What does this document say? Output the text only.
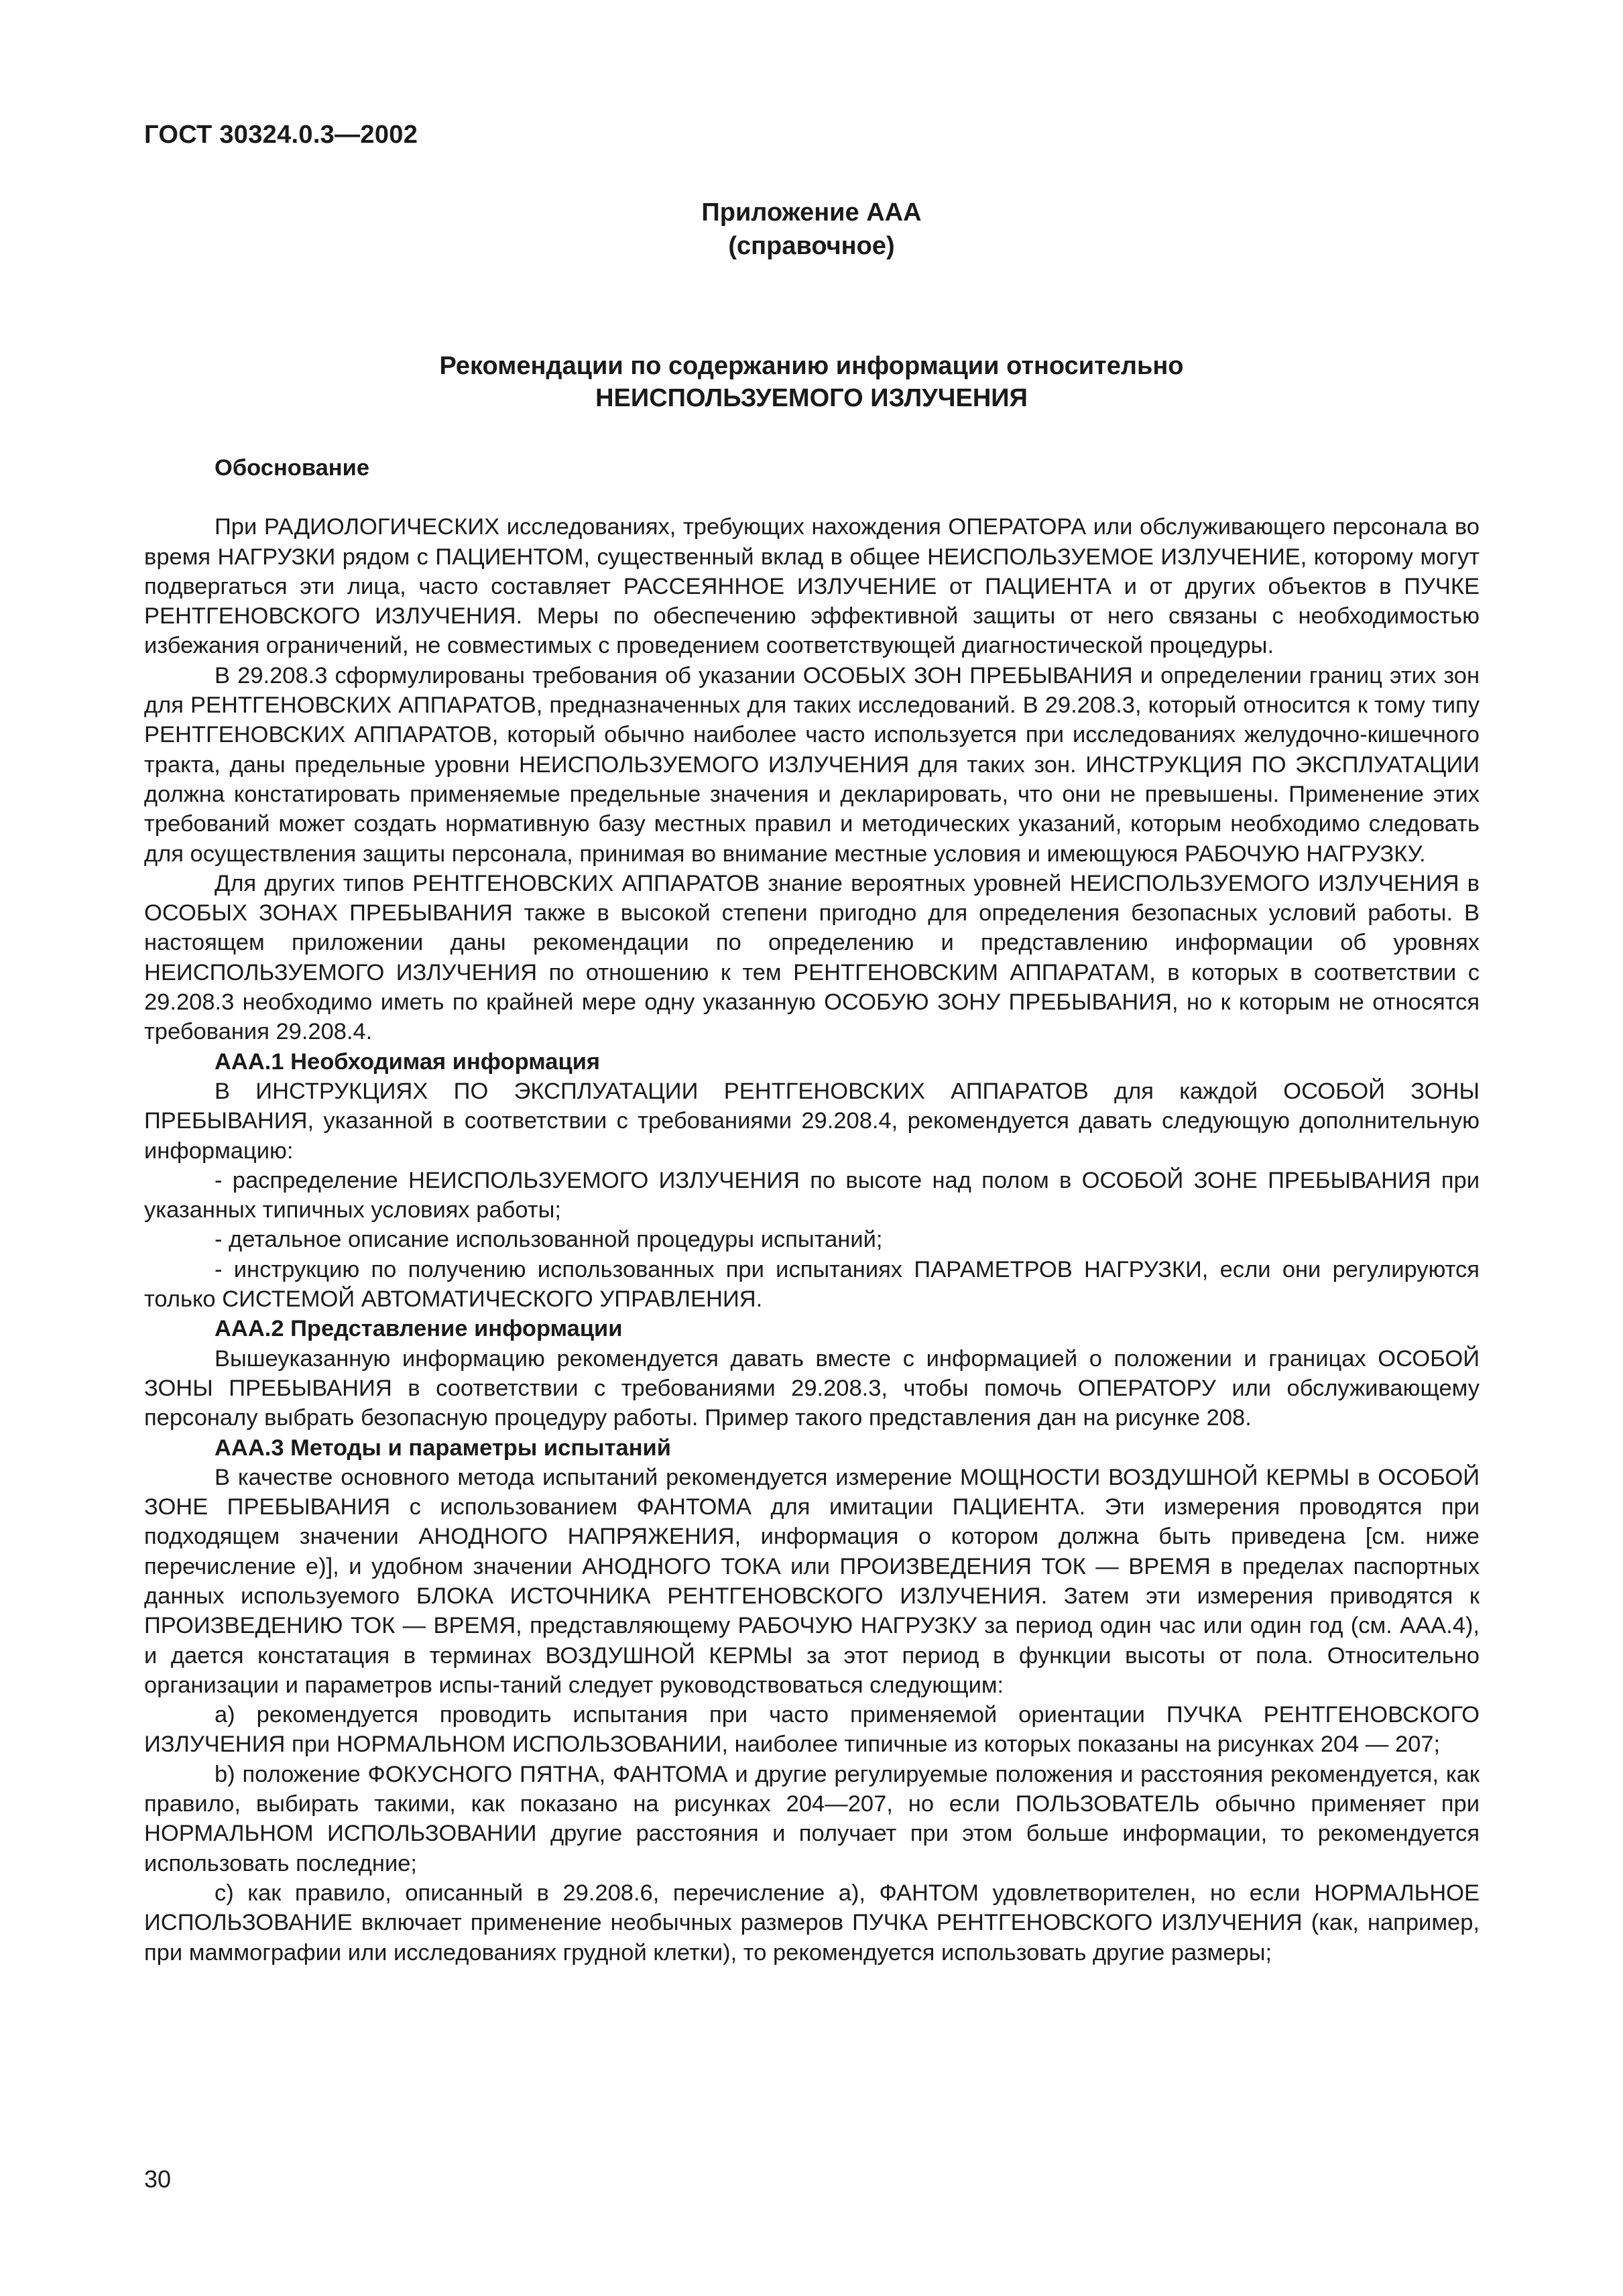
ГОСТ 30324.0.3—2002
Приложение ААА
(справочное)
Рекомендации по содержанию информации относительно
НЕИСПОЛЬЗУЕМОГО ИЗЛУЧЕНИЯ

Обоснование

При РАДИОЛОГИЧЕСКИХ исследованиях, требующих нахождения ОПЕРАТОРА или обслуживающего персонала во время НАГРУЗКИ рядом с ПАЦИЕНТОМ, существенный вклад в общее НЕИСПОЛЬЗУЕМОЕ ИЗЛУЧЕНИЕ, которому могут подвергаться эти лица, часто составляет РАССЕЯННОЕ ИЗЛУЧЕНИЕ от ПАЦИЕНТА и от других объектов в ПУЧКЕ РЕНТГЕНОВСКОГО ИЗЛУЧЕНИЯ. Меры по обеспечению эффективной защиты от него связаны с необходимостью избежания ограничений, не совместимых с проведением соответствующей диагностической процедуры.

В 29.208.3 сформулированы требования об указании ОСОБЫХ ЗОН ПРЕБЫВАНИЯ и определении границ этих зон для РЕНТГЕНОВСКИХ АППАРАТОВ, предназначенных для таких исследований. В 29.208.3, который относится к тому типу РЕНТГЕНОВСКИХ АППАРАТОВ, который обычно наиболее часто используется при исследованиях желудочно-кишечного тракта, даны предельные уровни НЕИСПОЛЬЗУЕМОГО ИЗЛУЧЕНИЯ для таких зон. ИНСТРУКЦИЯ ПО ЭКСПЛУАТАЦИИ должна констатировать применяемые предельные значения и декларировать, что они не превышены. Применение этих требований может создать нормативную базу местных правил и методических указаний, которым необходимо следовать для осуществления защиты персонала, принимая во внимание местные условия и имеющуюся РАБОЧУЮ НАГРУЗКУ.

Для других типов РЕНТГЕНОВСКИХ АППАРАТОВ знание вероятных уровней НЕИСПОЛЬЗУЕМОГО ИЗЛУЧЕНИЯ в ОСОБЫХ ЗОНАХ ПРЕБЫВАНИЯ также в высокой степени пригодно для определения безопасных условий работы. В настоящем приложении даны рекомендации по определению и представлению информации об уровнях НЕИСПОЛЬЗУЕМОГО ИЗЛУЧЕНИЯ по отношению к тем РЕНТГЕНОВСКИМ АППАРАТАМ, в которых в соответствии с 29.208.3 необходимо иметь по крайней мере одну указанную ОСОБУЮ ЗОНУ ПРЕБЫВАНИЯ, но к которым не относятся требования 29.208.4.

ААА.1 Необходимая информация

В ИНСТРУКЦИЯХ ПО ЭКСПЛУАТАЦИИ РЕНТГЕНОВСКИХ АППАРАТОВ для каждой ОСОБОЙ ЗОНЫ ПРЕБЫВАНИЯ, указанной в соответствии с требованиями 29.208.4, рекомендуется давать следующую дополнительную информацию:

- распределение НЕИСПОЛЬЗУЕМОГО ИЗЛУЧЕНИЯ по высоте над полом в ОСОБОЙ ЗОНЕ ПРЕБЫВАНИЯ при указанных типичных условиях работы;

- детальное описание использованной процедуры испытаний;

- инструкцию по получению использованных при испытаниях ПАРАМЕТРОВ НАГРУЗКИ, если они регулируются только СИСТЕМОЙ АВТОМАТИЧЕСКОГО УПРАВЛЕНИЯ.

ААА.2 Представление информации

Вышеуказанную информацию рекомендуется давать вместе с информацией о положении и границах ОСОБОЙ ЗОНЫ ПРЕБЫВАНИЯ в соответствии с требованиями 29.208.3, чтобы помочь ОПЕРАТОРУ или обслуживающему персоналу выбрать безопасную процедуру работы. Пример такого представления дан на рисунке 208.

ААА.3 Методы и параметры испытаний

В качестве основного метода испытаний рекомендуется измерение МОЩНОСТИ ВОЗДУШНОЙ КЕРМЫ в ОСОБОЙ ЗОНЕ ПРЕБЫВАНИЯ с использованием ФАНТОМА для имитации ПАЦИЕНТА. Эти измерения проводятся при подходящем значении АНОДНОГО НАПРЯЖЕНИЯ, информация о котором должна быть приведена [см. ниже перечисление е)], и удобном значении АНОДНОГО ТОКА или ПРОИЗВЕДЕНИЯ ТОК — ВРЕМЯ в пределах паспортных данных используемого БЛОКА ИСТОЧНИКА РЕНТГЕНОВСКОГО ИЗЛУЧЕНИЯ. Затем эти измерения приводятся к ПРОИЗВЕДЕНИЮ ТОК — ВРЕМЯ, представляющему РАБОЧУЮ НАГРУЗКУ за период один час или один год (см. ААА.4), и дается констатация в терминах ВОЗДУШНОЙ КЕРМЫ за этот период в функции высоты от пола. Относительно организации и параметров испы-таний следует руководствоваться следующим:

а) рекомендуется проводить испытания при часто применяемой ориентации ПУЧКА РЕНТГЕНОВСКОГО ИЗЛУЧЕНИЯ при НОРМАЛЬНОМ ИСПОЛЬЗОВАНИИ, наиболее типичные из которых показаны на рисунках 204 — 207;

b) положение ФОКУСНОГО ПЯТНА, ФАНТОМА и другие регулируемые положения и расстояния рекомендуется, как правило, выбирать такими, как показано на рисунках 204—207, но если ПОЛЬЗОВАТЕЛЬ обычно применяет при НОРМАЛЬНОМ ИСПОЛЬЗОВАНИИ другие расстояния и получает при этом больше информации, то рекомендуется использовать последние;

с) как правило, описанный в 29.208.6, перечисление а), ФАНТОМ удовлетворителен, но если НОРМАЛЬНОЕ ИСПОЛЬЗОВАНИЕ включает применение необычных размеров ПУЧКА РЕНТГЕНОВСКОГО ИЗЛУЧЕНИЯ (как, например, при маммографии или исследованиях грудной клетки), то рекомендуется использовать другие размеры;

30
